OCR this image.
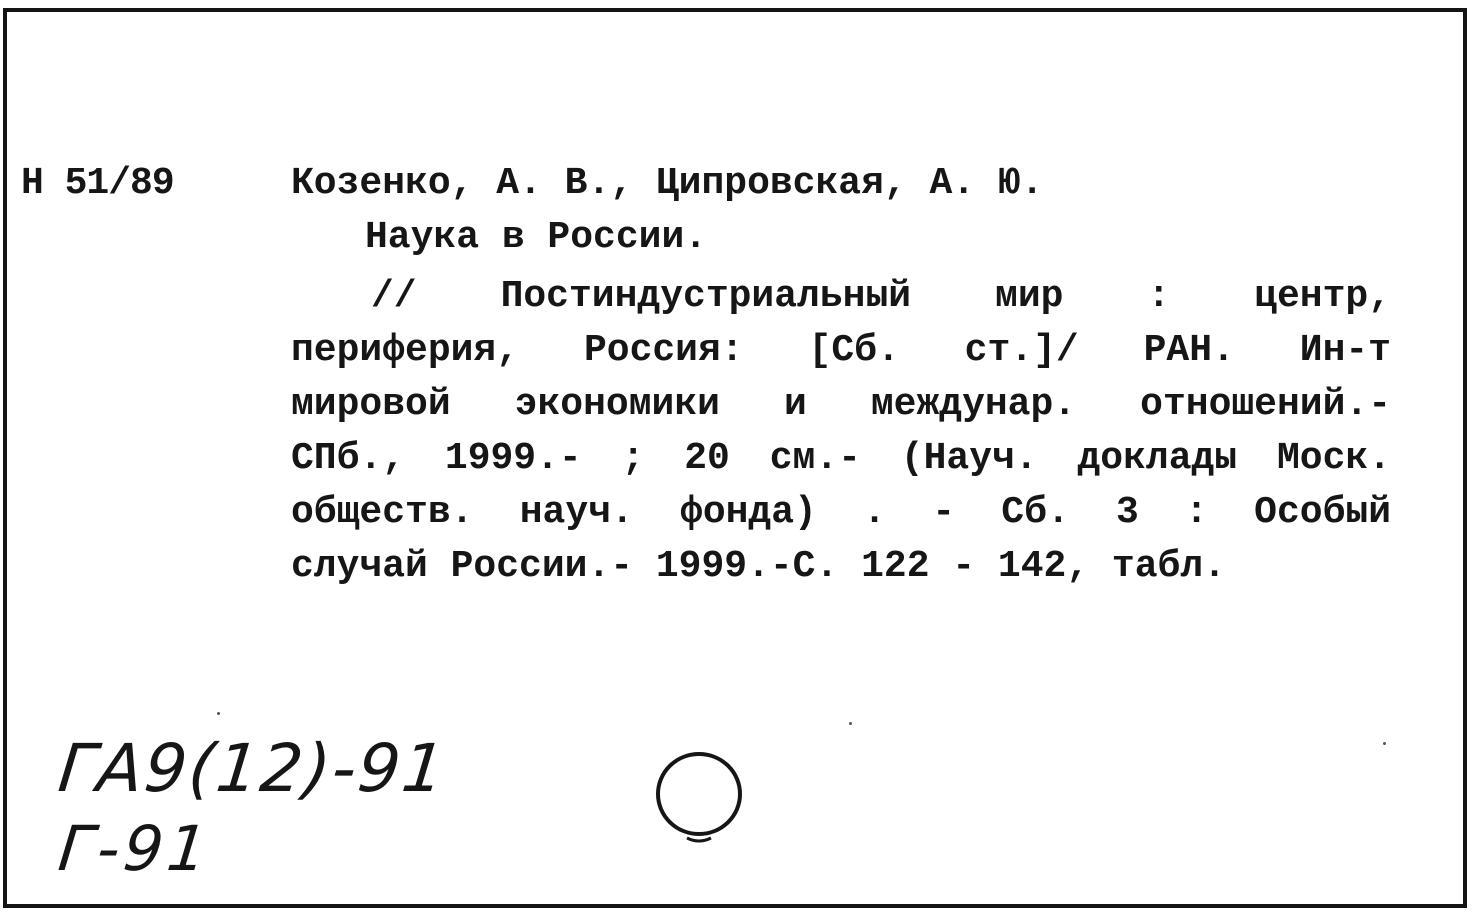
Н 51/89	Козенко, А. В., Ципровская, А. Ю.
Наука в России.
// Постиндустриальный мир : центр,
периферия, Россия: [Сб. ст.]/ РАН. Ин-т
мировой экономики и междунар. отношений.-
СПб., 1999.- ; 20 см.- (Науч. доклады Моск.
обществ. науч. фонда) . - Сб. 3 : Особый
случай России.- 1999.-С. 122 - 142, табл.
ГА9(12)-91
Г-91
